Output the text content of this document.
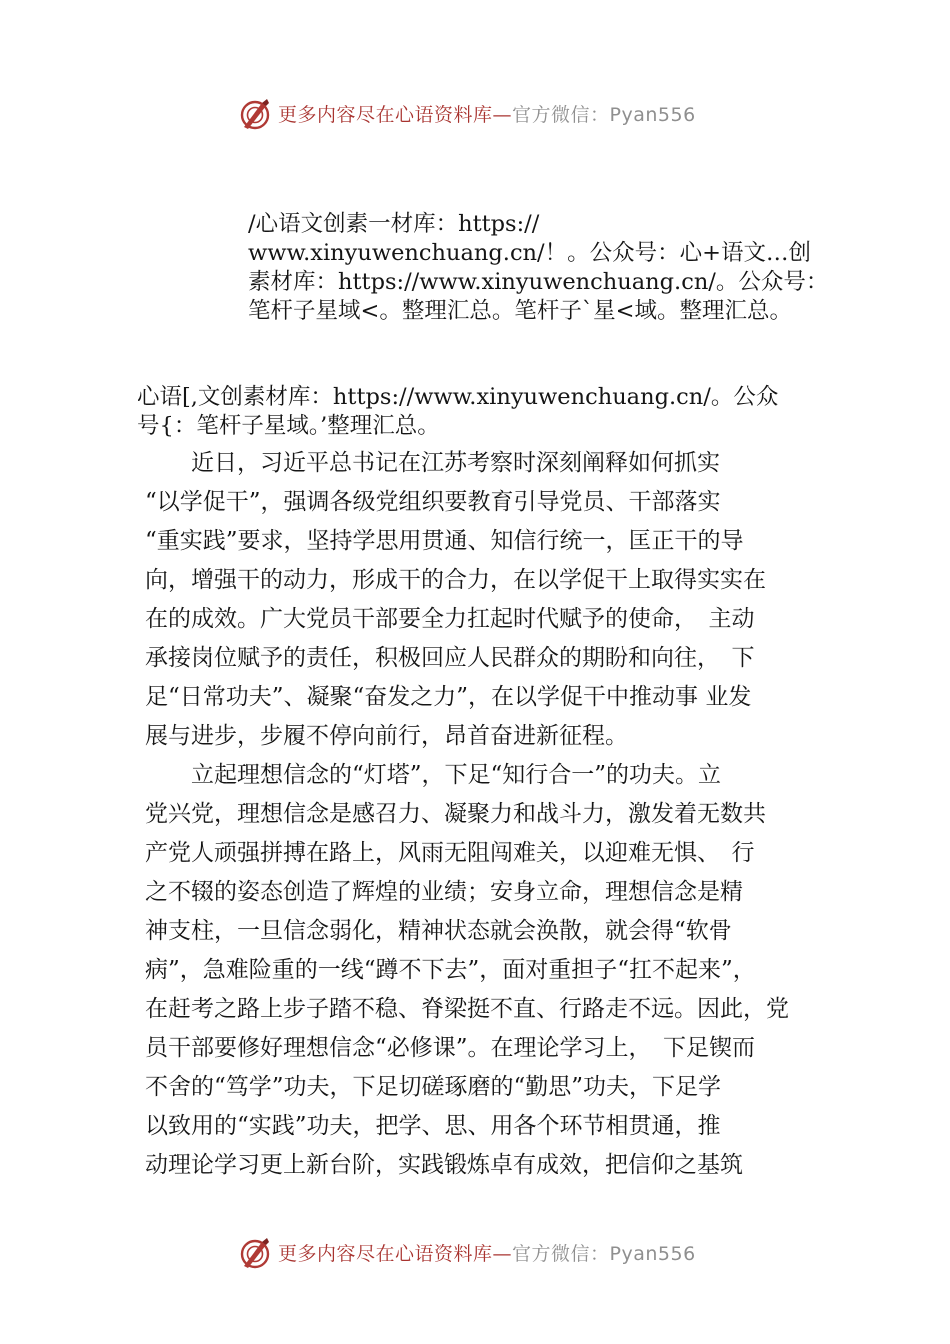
更多内容尽在心语资料库—官方微信：Pyan556
/心语文创素一材库：https://
www.xinyuwenchuang.cn/！。公众号：心+语文…创
素材库：https://www.xinyuwenchuang.cn/。公众号：
笔杆子星域<。整理汇总。笔杆子`星<域。整理汇总。
心语[,文创素材库：https://www.xinyuwenchuang.cn/。公众
号{：笔杆子星域。’整理汇总。
　　近日，习近平总书记在江苏考察时深刻阐释如何抓实
“以学促干”，强调各级党组织要教育引导党员、干部落实
“重实践”要求，坚持学思用贯通、知信行统一，匡正干的导
向，增强干的动力，形成干的合力，在以学促干上取得实实在
在的成效。广大党员干部要全力扛起时代赋予的使命，　主动
承接岗位赋予的责任，积极回应人民群众的期盼和向往，　下
足“日常功夫”、凝聚“奋发之力”，在以学促干中推动事 业发
展与进步，步履不停向前行，昂首奋进新征程。
　　立起理想信念的“灯塔”，下足“知行合一”的功夫。立
党兴党，理想信念是感召力、凝聚力和战斗力，激发着无数共
产党人顽强拼搏在路上，风雨无阻闯难关，以迎难无惧、　行
之不辍的姿态创造了辉煌的业绩；安身立命，理想信念是精
神支柱，一旦信念弱化，精神状态就会涣散，就会得“软骨
病”，急难险重的一线“蹲不下去”，面对重担子“扛不起来”，
在赶考之路上步子踏不稳、脊梁挺不直、行路走不远。因此，党
员干部要修好理想信念“必修课”。在理论学习上，　下足锲而
不舍的“笃学”功夫，下足切磋琢磨的“勤思”功夫，下足学
以致用的“实践”功夫，把学、思、用各个环节相贯通，推
动理论学习更上新台阶，实践锻炼卓有成效，把信仰之基筑
更多内容尽在心语资料库—官方微信：Pyan556
